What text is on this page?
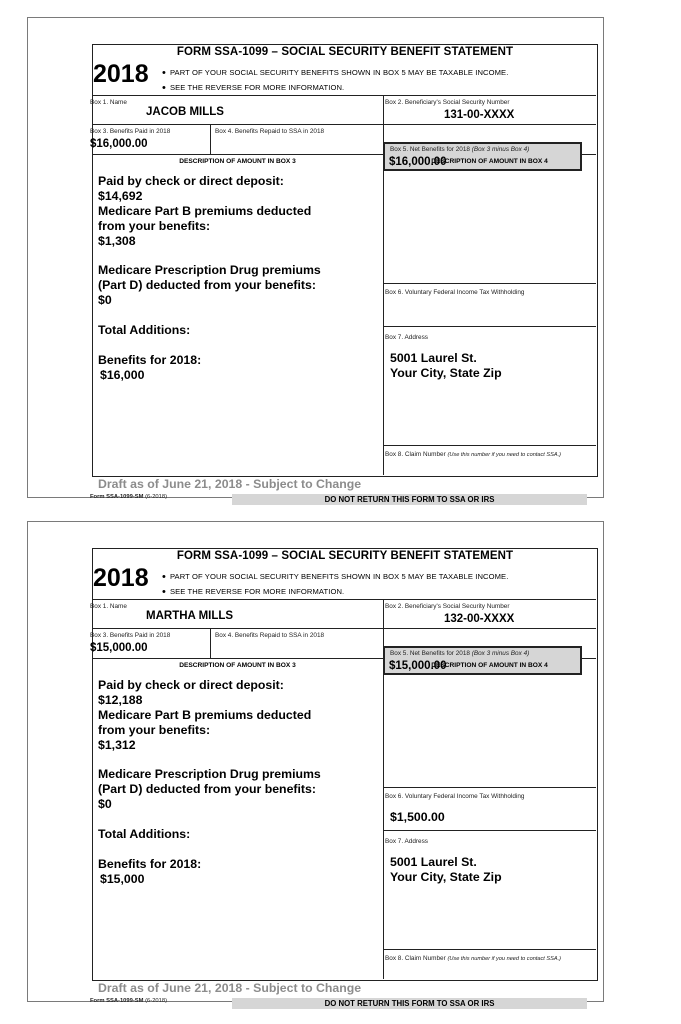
FORM SSA-1099 – SOCIAL SECURITY BENEFIT STATEMENT
2018 • PART OF YOUR SOCIAL SECURITY BENEFITS SHOWN IN BOX 5 MAY BE TAXABLE INCOME.
• SEE THE REVERSE FOR MORE INFORMATION.
Box 1. Name
JACOB MILLS
Box 2. Beneficiary's Social Security Number
131-00-XXXX
Box 3. Benefits Paid in 2018
$16,000.00
Box 4. Benefits Repaid to SSA in 2018
Box 5. Net Benefits for 2018 (Box 3 minus Box 4)
$16,000.00
DESCRIPTION OF AMOUNT IN BOX 3	DESCRIPTION OF AMOUNT IN BOX 4
Paid by check or direct deposit:
$14,692
Medicare Part B premiums deducted
from your benefits:
$1,308
Medicare Prescription Drug premiums
(Part D) deducted from your benefits:
$0
Total Additions:
Benefits for 2018:
$16,000
Box 6. Voluntary Federal Income Tax Withholding
Box 7. Address
5001 Laurel St.
Your City, State Zip
Box 8. Claim Number (Use this number if you need to contact SSA.)
Draft as of June 21, 2018 - Subject to Change
Form SSA-1099-SM (6-2018)	DO NOT RETURN THIS FORM TO SSA OR IRS
FORM SSA-1099 – SOCIAL SECURITY BENEFIT STATEMENT
2018 • PART OF YOUR SOCIAL SECURITY BENEFITS SHOWN IN BOX 5 MAY BE TAXABLE INCOME.
• SEE THE REVERSE FOR MORE INFORMATION.
Box 1. Name
MARTHA MILLS
Box 2. Beneficiary's Social Security Number
132-00-XXXX
Box 3. Benefits Paid in 2018
$15,000.00
Box 4. Benefits Repaid to SSA in 2018
Box 5. Net Benefits for 2018 (Box 3 minus Box 4)
$15,000.00
DESCRIPTION OF AMOUNT IN BOX 3	DESCRIPTION OF AMOUNT IN BOX 4
Paid by check or direct deposit:
$12,188
Medicare Part B premiums deducted
from your benefits:
$1,312
Medicare Prescription Drug premiums
(Part D) deducted from your benefits:
$0
Total Additions:
Benefits for 2018:
$15,000
Box 6. Voluntary Federal Income Tax Withholding
$1,500.00
Box 7. Address
5001 Laurel St.
Your City, State Zip
Box 8. Claim Number (Use this number if you need to contact SSA.)
Draft as of June 21, 2018 - Subject to Change
Form SSA-1099-SM (6-2018)	DO NOT RETURN THIS FORM TO SSA OR IRS
